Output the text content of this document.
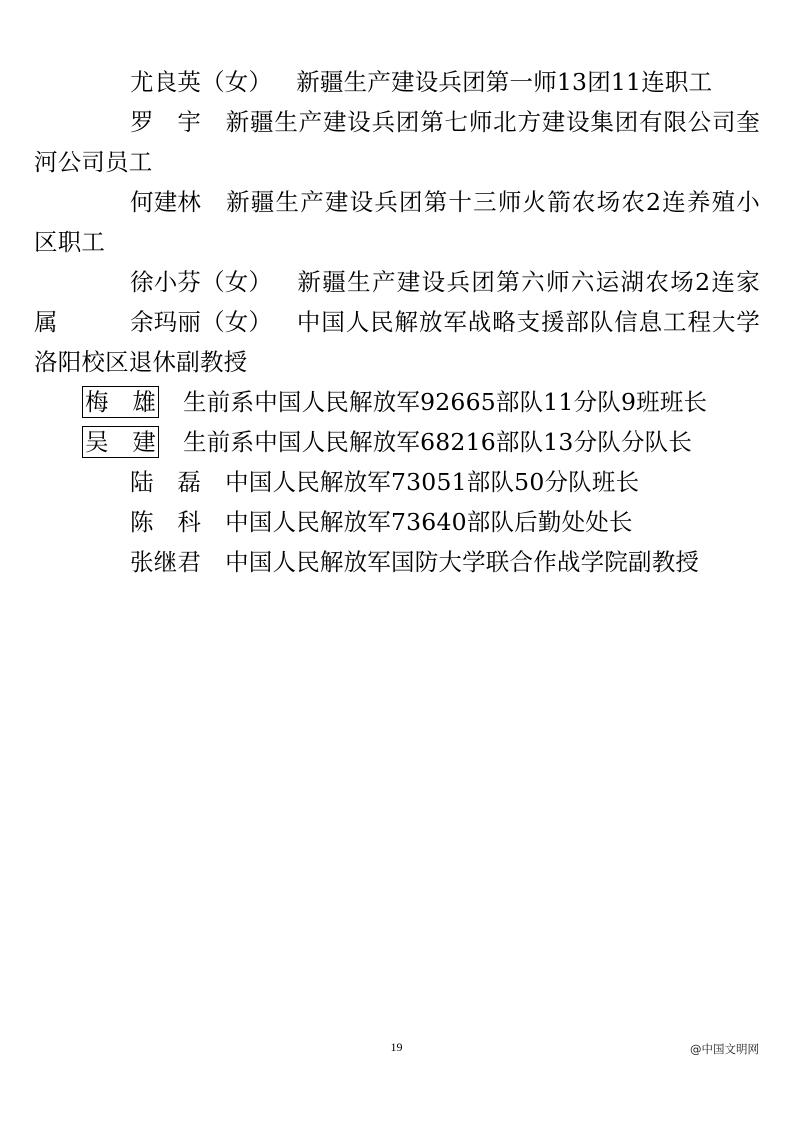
尤良英（女） 新疆生产建设兵团第一师13团11连职工

罗　宇 新疆生产建设兵团第七师北方建设集团有限公司奎河公司员工

何建林 新疆生产建设兵团第十三师火箭农场农2连养殖小区职工

徐小芬（女） 新疆生产建设兵团第六师六运湖农场2连家属	余玛丽（女） 中国人民解放军战略支援部队信息工程大学洛阳校区退休副教授

梅　雄 生前系中国人民解放军92665部队11分队9班班长

吴　建 生前系中国人民解放军68216部队13分队分队长

陆　磊 中国人民解放军73051部队50分队班长

陈　科 中国人民解放军73640部队后勤处处长

张继君 中国人民解放军国防大学联合作战学院副教授

19	@中国文明网
